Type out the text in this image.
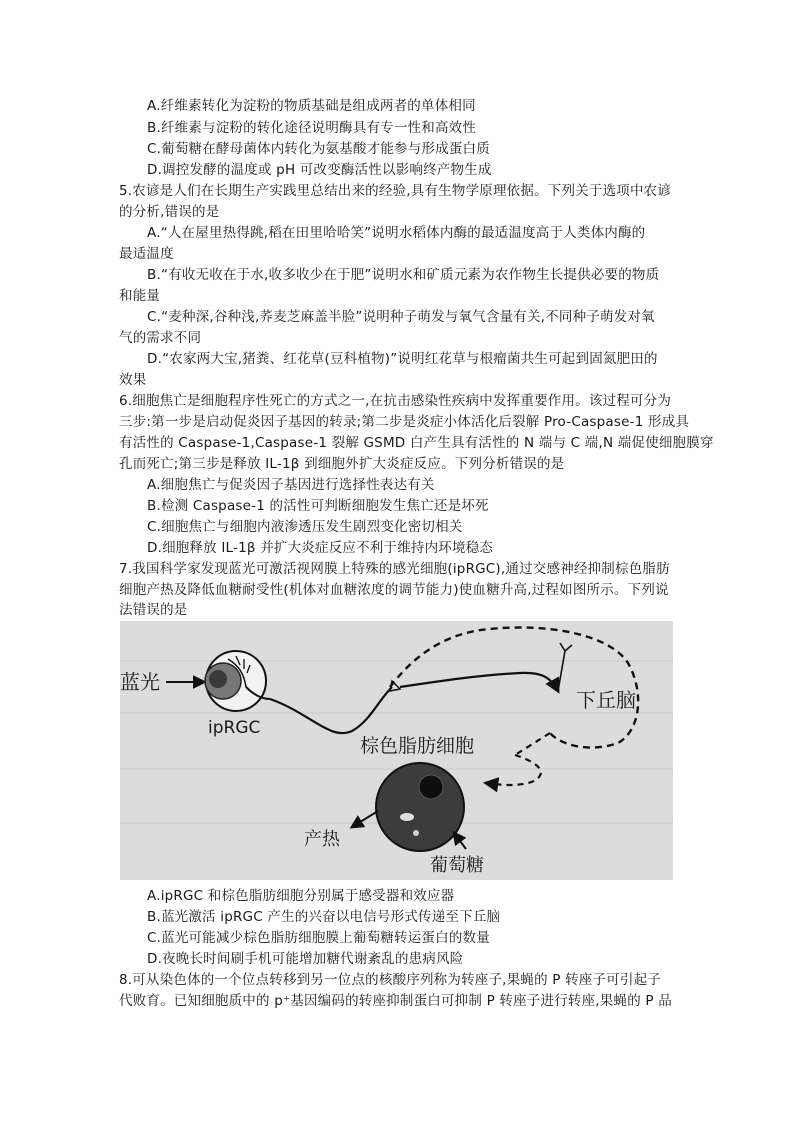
A.纤维素转化为淀粉的物质基础是组成两者的单体相同
B.纤维素与淀粉的转化途径说明酶具有专一性和高效性
C.葡萄糖在酵母菌体内转化为氨基酸才能参与形成蛋白质
D.调控发酵的温度或 pH 可改变酶活性以影响终产物生成
5.农谚是人们在长期生产实践里总结出来的经验,具有生物学原理依据。下列关于选项中农谚
的分析,错误的是
A.“人在屋里热得跳,稻在田里哈哈笑”说明水稻体内酶的最适温度高于人类体内酶的
最适温度
B.“有收无收在于水,收多收少在于肥”说明水和矿质元素为农作物生长提供必要的物质
和能量
C.“麦种深,谷种浅,荞麦芝麻盖半脸”说明种子萌发与氧气含量有关,不同种子萌发对氧
气的需求不同
D.“农家两大宝,猪粪、红花草(豆科植物)”说明红花草与根瘤菌共生可起到固氮肥田的
效果
6.细胞焦亡是细胞程序性死亡的方式之一,在抗击感染性疾病中发挥重要作用。该过程可分为
三步:第一步是启动促炎因子基因的转录;第二步是炎症小体活化后裂解 Pro-Caspase-1 形成具
有活性的 Caspase-1,Caspase-1 裂解 GSMD 白产生具有活性的 N 端与 C 端,N 端促使细胞膜穿
孔而死亡;第三步是释放 IL-1β 到细胞外扩大炎症反应。下列分析错误的是
A.细胞焦亡与促炎因子基因进行选择性表达有关
B.检测 Caspase-1 的活性可判断细胞发生焦亡还是坏死
C.细胞焦亡与细胞内液渗透压发生剧烈变化密切相关
D.细胞释放 IL-1β 并扩大炎症反应不利于维持内环境稳态
7.我国科学家发现蓝光可激活视网膜上特殊的感光细胞(ipRGC),通过交感神经抑制棕色脂肪
细胞产热及降低血糖耐受性(机体对血糖浓度的调节能力)使血糖升高,过程如图所示。下列说
法错误的是
蓝光
ipRGC
下丘脑
棕色脂肪细胞
产热
葡萄糖
A.ipRGC 和棕色脂肪细胞分别属于感受器和效应器
B.蓝光激活 ipRGC 产生的兴奋以电信号形式传递至下丘脑
C.蓝光可能减少棕色脂肪细胞膜上葡萄糖转运蛋白的数量
D.夜晚长时间刷手机可能增加糖代谢紊乱的患病风险
8.可从染色体的一个位点转移到另一位点的核酸序列称为转座子,果蝇的 P 转座子可引起子
代败育。已知细胞质中的 p⁺基因编码的转座抑制蛋白可抑制 P 转座子进行转座,果蝇的 P 品
